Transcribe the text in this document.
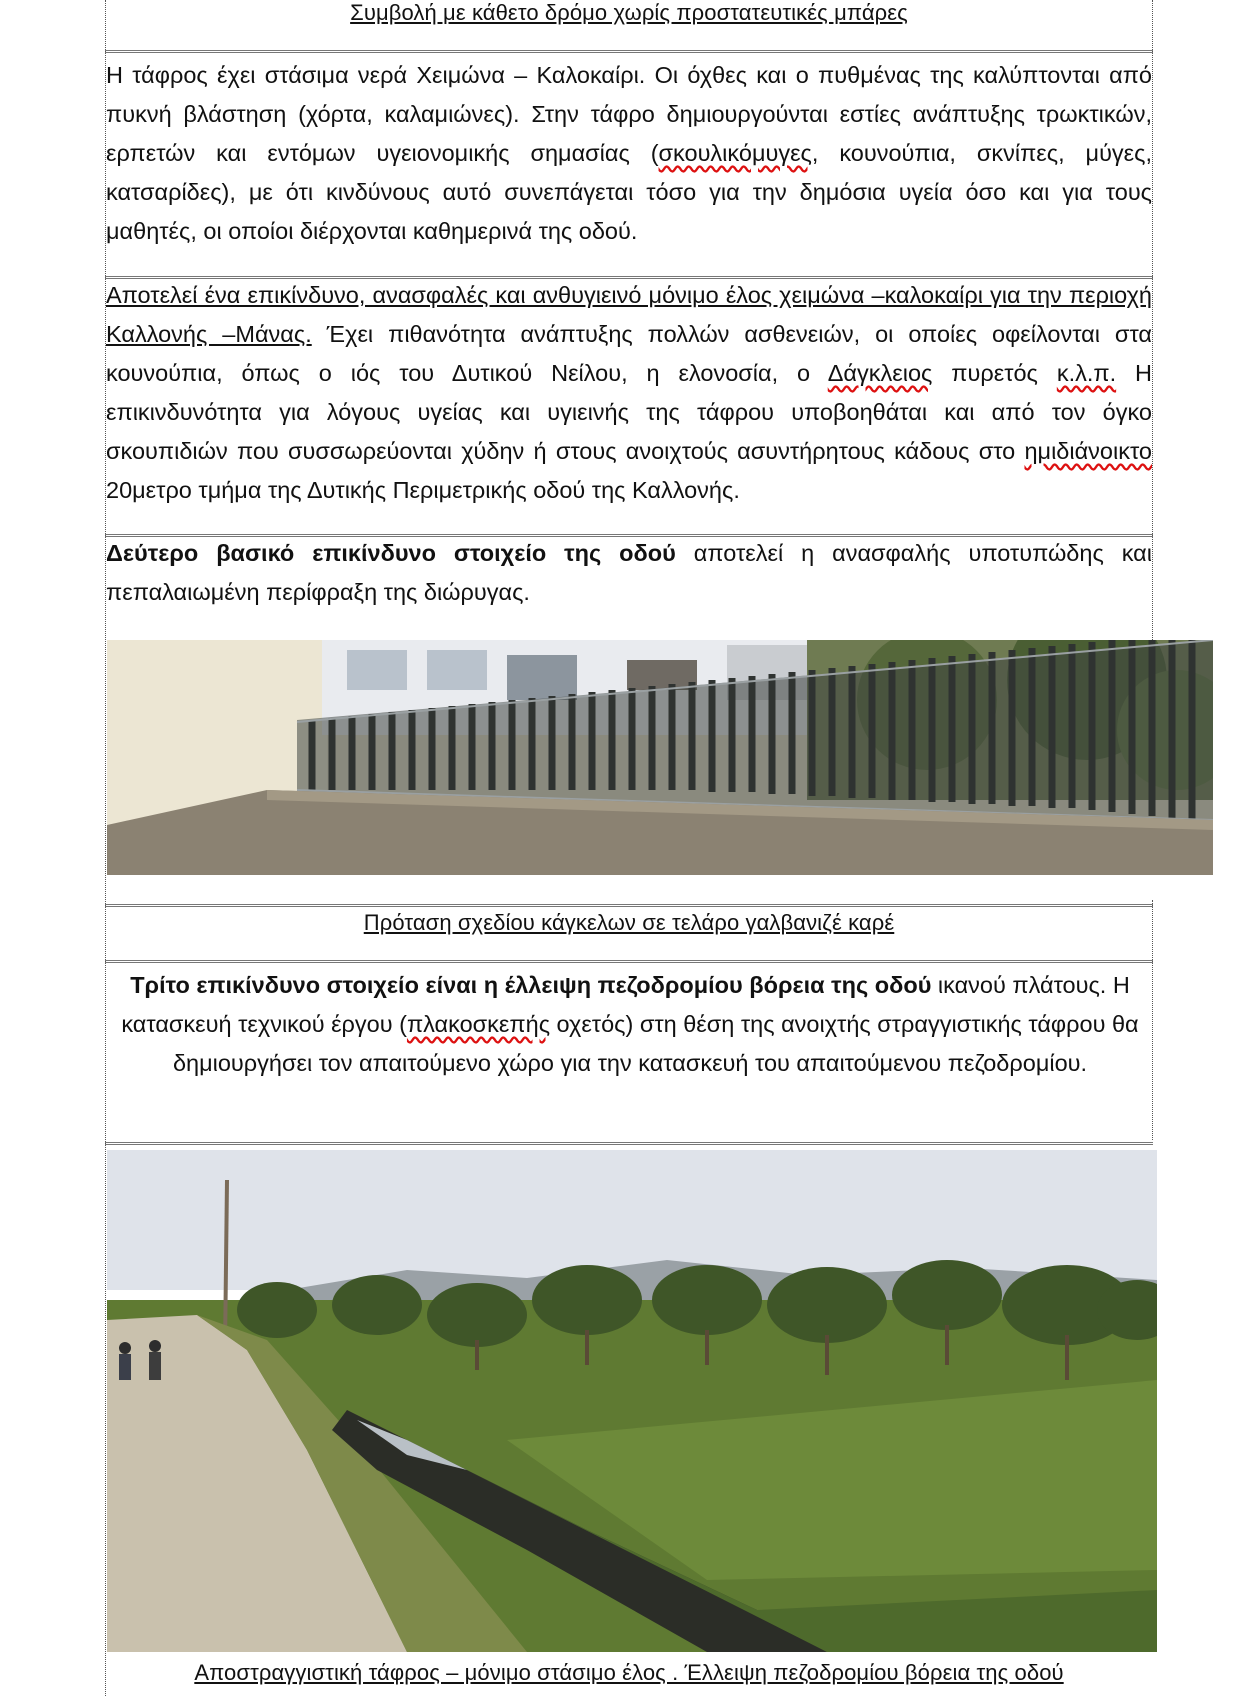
Συμβολή με κάθετο δρόμο χωρίς προστατευτικές μπάρες

Η τάφρος έχει στάσιμα νερά Χειμώνα – Καλοκαίρι. Οι όχθες και ο πυθμένας της καλύπτονται από πυκνή βλάστηση (χόρτα, καλαμιώνες). Στην τάφρο δημιουργούνται εστίες ανάπτυξης τρωκτικών, ερπετών και εντόμων υγειονομικής σημασίας (σκουλικόμυγες, κουνούπια, σκνίπες, μύγες, κατσαρίδες), με ότι κινδύνους αυτό συνεπάγεται τόσο για την δημόσια υγεία όσο και για τους μαθητές, οι οποίοι διέρχονται καθημερινά της οδού.

Αποτελεί ένα επικίνδυνο, ανασφαλές και ανθυγιεινό μόνιμο έλος χειμώνα –καλοκαίρι για την περιοχή Καλλονής –Μάνας. Έχει πιθανότητα ανάπτυξης πολλών ασθενειών, οι οποίες οφείλονται στα κουνούπια, όπως ο ιός του Δυτικού Νείλου, η ελονοσία, ο Δάγκλειος πυρετός κ.λ.π. Η επικινδυνότητα για λόγους υγείας και υγιεινής της τάφρου υποβοηθάται και από τον όγκο σκουπιδιών που συσσωρεύονται χύδην ή στους ανοιχτούς ασυντήρητους κάδους στο ημιδιάνοικτο 20μετρο τμήμα της Δυτικής Περιμετρικής οδού της Καλλονής.

Δεύτερο βασικό επικίνδυνο στοιχείο της οδού αποτελεί η ανασφαλής υποτυπώδης και πεπαλαιωμένη περίφραξη της διώρυγας.

Πρόταση σχεδίου κάγκελων σε τελάρο γαλβανιζέ καρέ

Τρίτο επικίνδυνο στοιχείο είναι η έλλειψη πεζοδρομίου βόρεια της οδού ικανού πλάτους. Η κατασκευή τεχνικού έργου (πλακοσκεπής οχετός) στη θέση της ανοιχτής στραγγιστικής τάφρου θα δημιουργήσει τον απαιτούμενο χώρο για την κατασκευή του απαιτούμενου πεζοδρομίου.

Αποστραγγιστική τάφρος – μόνιμο στάσιμο έλος . Έλλειψη πεζοδρομίου βόρεια της οδού
